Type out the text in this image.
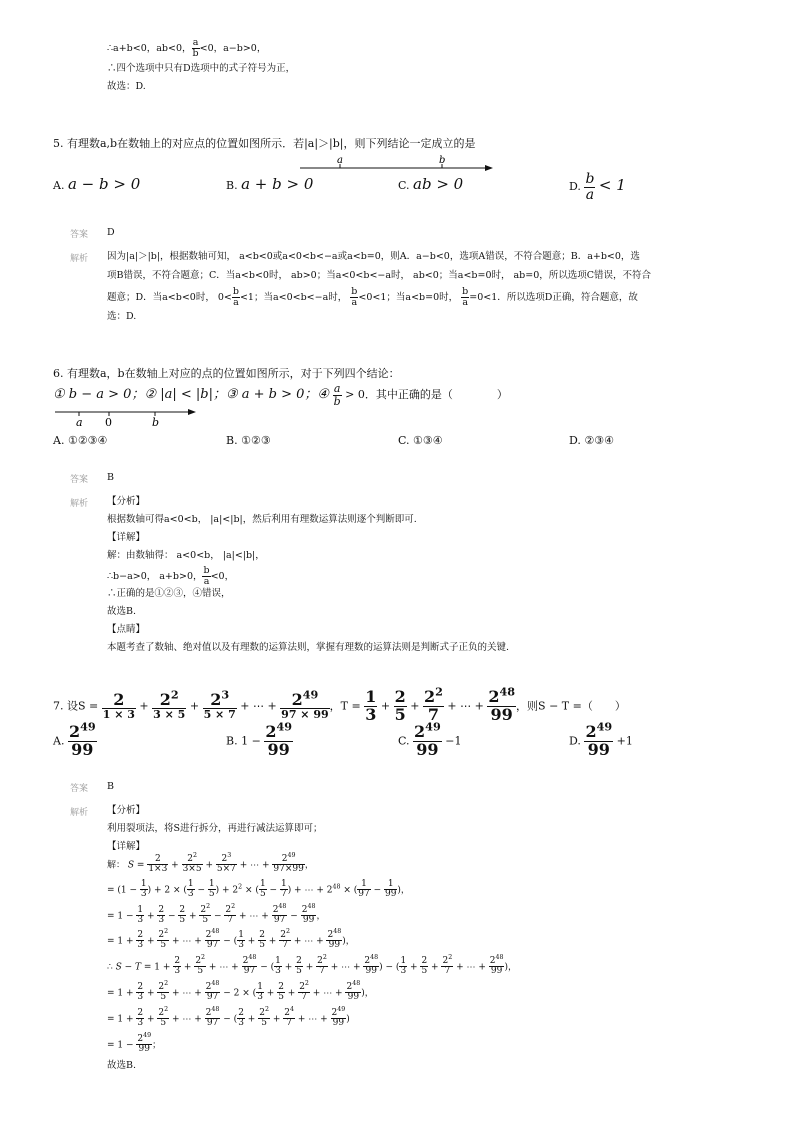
∴a+b<0，ab<0， $\frac{a}{b} <0$，a−b>0，
∴四个选项中只有D选项中的式子符号为正，
故选：D.
5. 有理数a,b在数轴上的对应点的位置如图所示．若|a|＞|b|，则下列结论一定成立的是
a	b
A. a − b > 0	B. a + b > 0	C. ab > 0	D. $\frac{b}{a} < 1$
答案 D
解析 因为|a|＞|b|，根据数轴可知， a<b<0或a<0<b<−a或a<b=0，则A．a−b<0，选项A错误，不符合题意；B．a+b<0，选
项B错误，不符合题意；C．当a<b<0时， ab>0；当a<0<b<−a时， ab<0；当a<b=0时， ab=0，所以选项C错误，不符合
题意；D．当a<b<0时， $0< \frac{b}{a} <1$；当a<0<b<−a时， $\frac{b}{a} <0<1$；当a<b=0时， $\frac{b}{a} =0<1$．所以选项D正确，符合题意，故
选：D.
6. 有理数a，b在数轴上对应的点的位置如图所示，对于下列四个结论：
① b − a > 0；② |a| < |b|；③ a + b > 0；④ $\frac{a}{b} > 0$．其中正确的是（　　　　）
a 0	b
A. ①②③④	B. ①②③	C. ①③④	D. ②③④
答案 B
解析 【分析】
根据数轴可得a<0<b， |a|<|b|，然后利用有理数运算法则逐个判断即可.
【详解】
解：由数轴得： a<0<b， |a|<|b|，
∴b−a>0， a+b>0， $\frac{b}{a} <0$，
∴正确的是①②③，④错误，
故选B.
【点睛】
本题考查了数轴、绝对值以及有理数的运算法则，掌握有理数的运算法则是判断式子正负的关键.
7. 设$S = \frac{2}{1 \times 3} + \frac{2^2}{3 \times 5} + \frac{2^3}{5 \times 7}$ + ⋯ + $\frac{2^{49}}{97 \times 99}$ ，$T = \frac{1}{3} + \frac{2}{5} + \frac{2^2}{7}$ + ⋯ + $\frac{2^{48}}{99}$ ，则S − T =（　　）
A. $\frac{2^{49}}{99}$	B. $1 - \frac{2^{49}}{99}$	C. $\frac{2^{49}}{99} -1$	D. $\frac{2^{49}}{99} +1$
答案 B
解析 【分析】
利用裂项法，将S进行拆分，再进行减法运算即可；
【详解】
解： $S = \frac{2}{1\times 3} + \frac{2^2}{3\times 5} + \frac{2^3}{5\times 7}$ + ⋯ + $\frac{2^{49}}{97\times 99}$ ，
= ($1 - \frac{1}{3}$ ) + 2 × ( $\frac{1}{3} - \frac{1}{5}$ ) + $2^2$ × ( $\frac{1}{5} - \frac{1}{7}$ ) + ⋯ + $2^{48}$ × ( $\frac{1}{97} - \frac{1}{99}$ )，
= $1 - \frac{1}{3} + \frac{2}{3} - \frac{2}{5} + \frac{2^2}{5} - \frac{2^2}{7}$ + ⋯ + $\frac{2^{48}}{97} - \frac{2^{48}}{99}$ ，
= $1 + \frac{2}{3} + \frac{2^2}{5}$ + ⋯ + $\frac{2^{48}}{97}$ − ( $\frac{1}{3} + \frac{2}{5} + \frac{2^2}{7}$ + ⋯ + $\frac{2^{48}}{99}$ )，
∴ $S - T = 1 + \frac{2}{3} + \frac{2^2}{5}$ + ⋯ + $\frac{2^{48}}{97}$ − ( $\frac{1}{3} + \frac{2}{5} + \frac{2^2}{7}$ + ⋯ + $\frac{2^{48}}{99}$ ) − ( $\frac{1}{3} + \frac{2}{5} + \frac{2^2}{7}$ + ⋯ + $\frac{2^{48}}{99}$ )，
= $1 + \frac{2}{3} + \frac{2^2}{5}$ + ⋯ + $\frac{2^{48}}{97} - 2$ × ( $\frac{1}{3} + \frac{2}{5} + \frac{2^2}{7}$ + ⋯ + $\frac{2^{48}}{99}$ )，
= $1 + \frac{2}{3} + \frac{2^2}{5}$ + ⋯ + $\frac{2^{48}}{97}$ − ( $\frac{2}{3} + \frac{2^2}{5} + \frac{2^4}{7}$ + ⋯ + $\frac{2^{49}}{99}$ )
= $1 - \frac{2^{49}}{99}$ ；
故选B.
